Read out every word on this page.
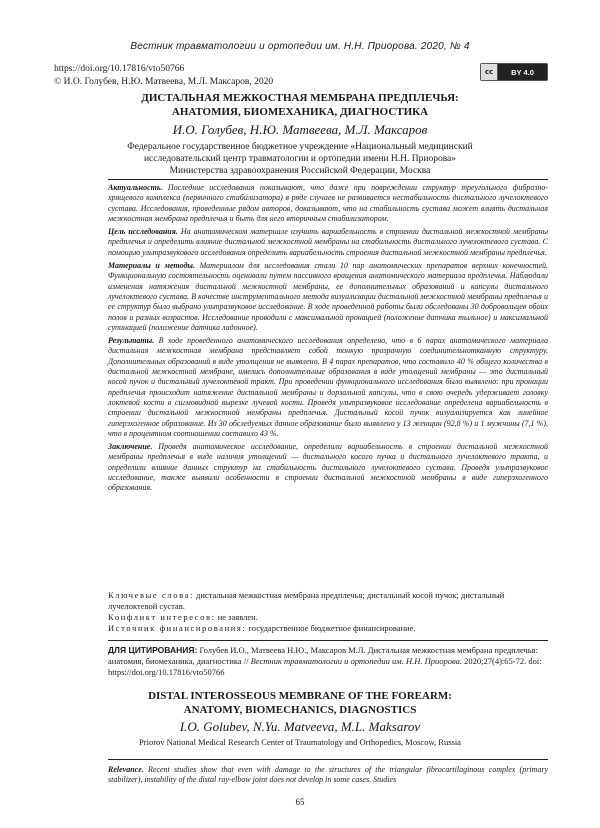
Вестник травматологии и ортопедии им. Н.Н. Приорова. 2020, № 4
https://doi.org/10.17816/vto50766
© И.О. Голубев, Н.Ю. Матвеева, М.Л. Максаров, 2020
cc	BY 4.0
ДИСТАЛЬНАЯ МЕЖКОСТНАЯ МЕМБРАНА ПРЕДПЛЕЧЬЯ:
АНАТОМИЯ, БИОМЕХАНИКА, ДИАГНОСТИКА
И.О. Голубев, Н.Ю. Матвеева, М.Л. Максаров
Федеральное государственное бюджетное учреждение «Национальный медицинский
исследовательский центр травматологии и ортопедии имени Н.Н. Приорова»
Министерства здравоохранения Российской Федерации, Москва

Актуальность. Последние исследования показывают, что даже при повреждении структур треугольного фиброзно-хрящевого комплекса (первичного стабилизатора) в ряде случаев не развивается нестабильность дистального лучелоктевого сустава. Исследования, проведенные рядом авторов, доказывают, что на стабильность сустава может влиять дистальная межкостная мембрана предплечья и быть для него вторичным стабилизатором.

Цель исследования. На анатомическом материале изучить вариабельность в строении дистальной межкостной мембраны предплечья и определить влияние дистальной межкостной мембраны на стабильность дистального лучелоктевого сустава. С помощью ультразвукового исследования определить вариабельность строения дистальной межкостной мембраны предплечья.

Материалы и методы. Материалом для исследования стали 10 пар анатомических препаратов верхних конечностей. Функциональную состоятельность оценивали путем пассивного вращения анатомического материала предплечья. Наблюдали изменения натяжения дистальной межкостной мембраны, ее дополнительных образований и капсулы дистального лучелоктевого сустава. В качестве инструментального метода визуализации дистальной межкостной мембраны предплечья и ее структур было выбрано ультразвуковое исследование. В ходе проведенной работы были обследованы 30 добровольцев обоих полов и разных возрастов. Исследование проводили с максимальной пронацией (положение датчика тыльное) и максимальной супинацией (положение датчика ладонное).

Результаты. В ходе проведенного анатомического исследования определено, что в 6 парах анатомического материала дистальная межкостная мембрана представляет собой тонкую прозрачную соединительнотканную структуру. Дополнительных образований в виде утолщения не выявлено. В 4 парах препаратов, что составило 40 % общего количества в дистальной межкостной мембране, имелись дополнительные образования в виде утолщений мембраны — это дистальный косой пучок и дистальный лучелоктевой тракт. При проведении функционального исследования было выявлено: при пронации предплечья происходит натяжение дистальной мембраны и дорзальной капсулы, что в свою очередь удерживает головку локтевой кости в сигмовидной вырезке лучевой кости. Проведя ультразвуковое исследование определена вариабельность в строении дистальной межкостной мембраны предплечья. Дистальный косой пучок визуализируется как линейное гиперэхогенное образование. Из 30 обследуемых данное образование было выявлено у 13 женщин (92,8 %) и 1 мужчины (7,1 %), что в процентном соотношении составило 43 %.

Заключение. Проведя анатомическое исследование, определили вариабельность в строении дистальной межкостной мембраны предплечья в виде наличия утолщений — дистального косого пучка и дистального лучелоктевого тракта, и определили влияние данных структур на стабильность дистального лучелоктевого сустава. Проведя ультразвуковое исследование, также выявили особенности в строении дистальной межкостной мембраны в виде гиперэхогенного образования.

Ключевые слова: дистальная межкостная мембрана предплечья; дистальный косой пучок; дистальный лучелоктевой сустав.
Конфликт интересов: не заявлен.
Источник финансирования: государственное бюджетное финансирование.
ДЛЯ ЦИТИРОВАНИЯ: Голубев И.О., Матвеева Н.Ю., Максаров М.Л. Дистальная межкостная мембрана предплечья: анатомия, биомеханика, диагностика // Вестник травматологии и ортопедии им. Н.Н. Приорова. 2020;27(4):65-72. doi: https://doi.org/10.17816/vto50766
DISTAL INTEROSSEOUS MEMBRANE OF THE FOREARM:
ANATOMY, BIOMECHANICS, DIAGNOSTICS
I.O. Golubev, N.Yu. Matveeva, M.L. Maksarov
Priorov National Medical Research Center of Traumatology and Orthopedics, Moscow, Russia
Relevance. Recent studies show that even with damage to the structures of the triangular fibrocartilaginous complex (primary stabilizer), instability of the distal ray-elbow joint does not develop in some cases. Studies
65
